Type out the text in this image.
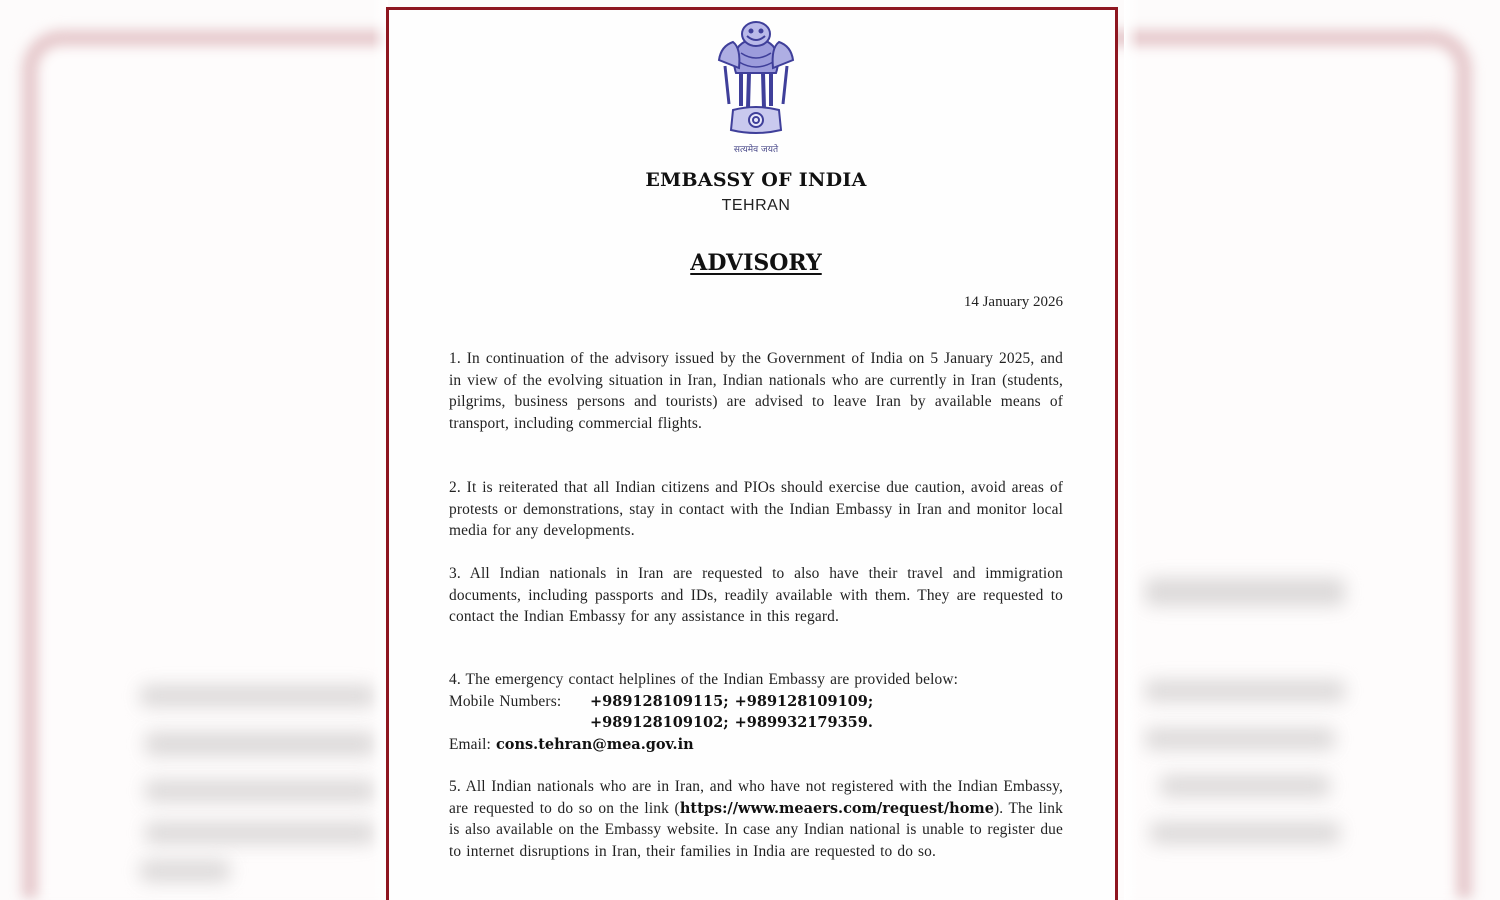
सत्यमेव जयते
EMBASSY OF INDIA
TEHRAN
ADVISORY
14 January 2026
1. In continuation of the advisory issued by the Government of India on 5 January 2025, and in view of the evolving situation in Iran, Indian nationals who are currently in Iran (students, pilgrims, business persons and tourists) are advised to leave Iran by available means of transport, including commercial flights.
2. It is reiterated that all Indian citizens and PIOs should exercise due caution, avoid areas of protests or demonstrations, stay in contact with the Indian Embassy in Iran and monitor local media for any developments.
3. All Indian nationals in Iran are requested to also have their travel and immigration documents, including passports and IDs, readily available with them. They are requested to contact the Indian Embassy for any assistance in this regard.
4. The emergency contact helplines of the Indian Embassy are provided below:
Mobile Numbers:	+989128109115; +989128109109;
+989128109102; +989932179359.
Email: cons.tehran@mea.gov.in
5. All Indian nationals who are in Iran, and who have not registered with the Indian Embassy, are requested to do so on the link (https://www.meaers.com/request/home). The link is also available on the Embassy website. In case any Indian national is unable to register due to internet disruptions in Iran, their families in India are requested to do so.
